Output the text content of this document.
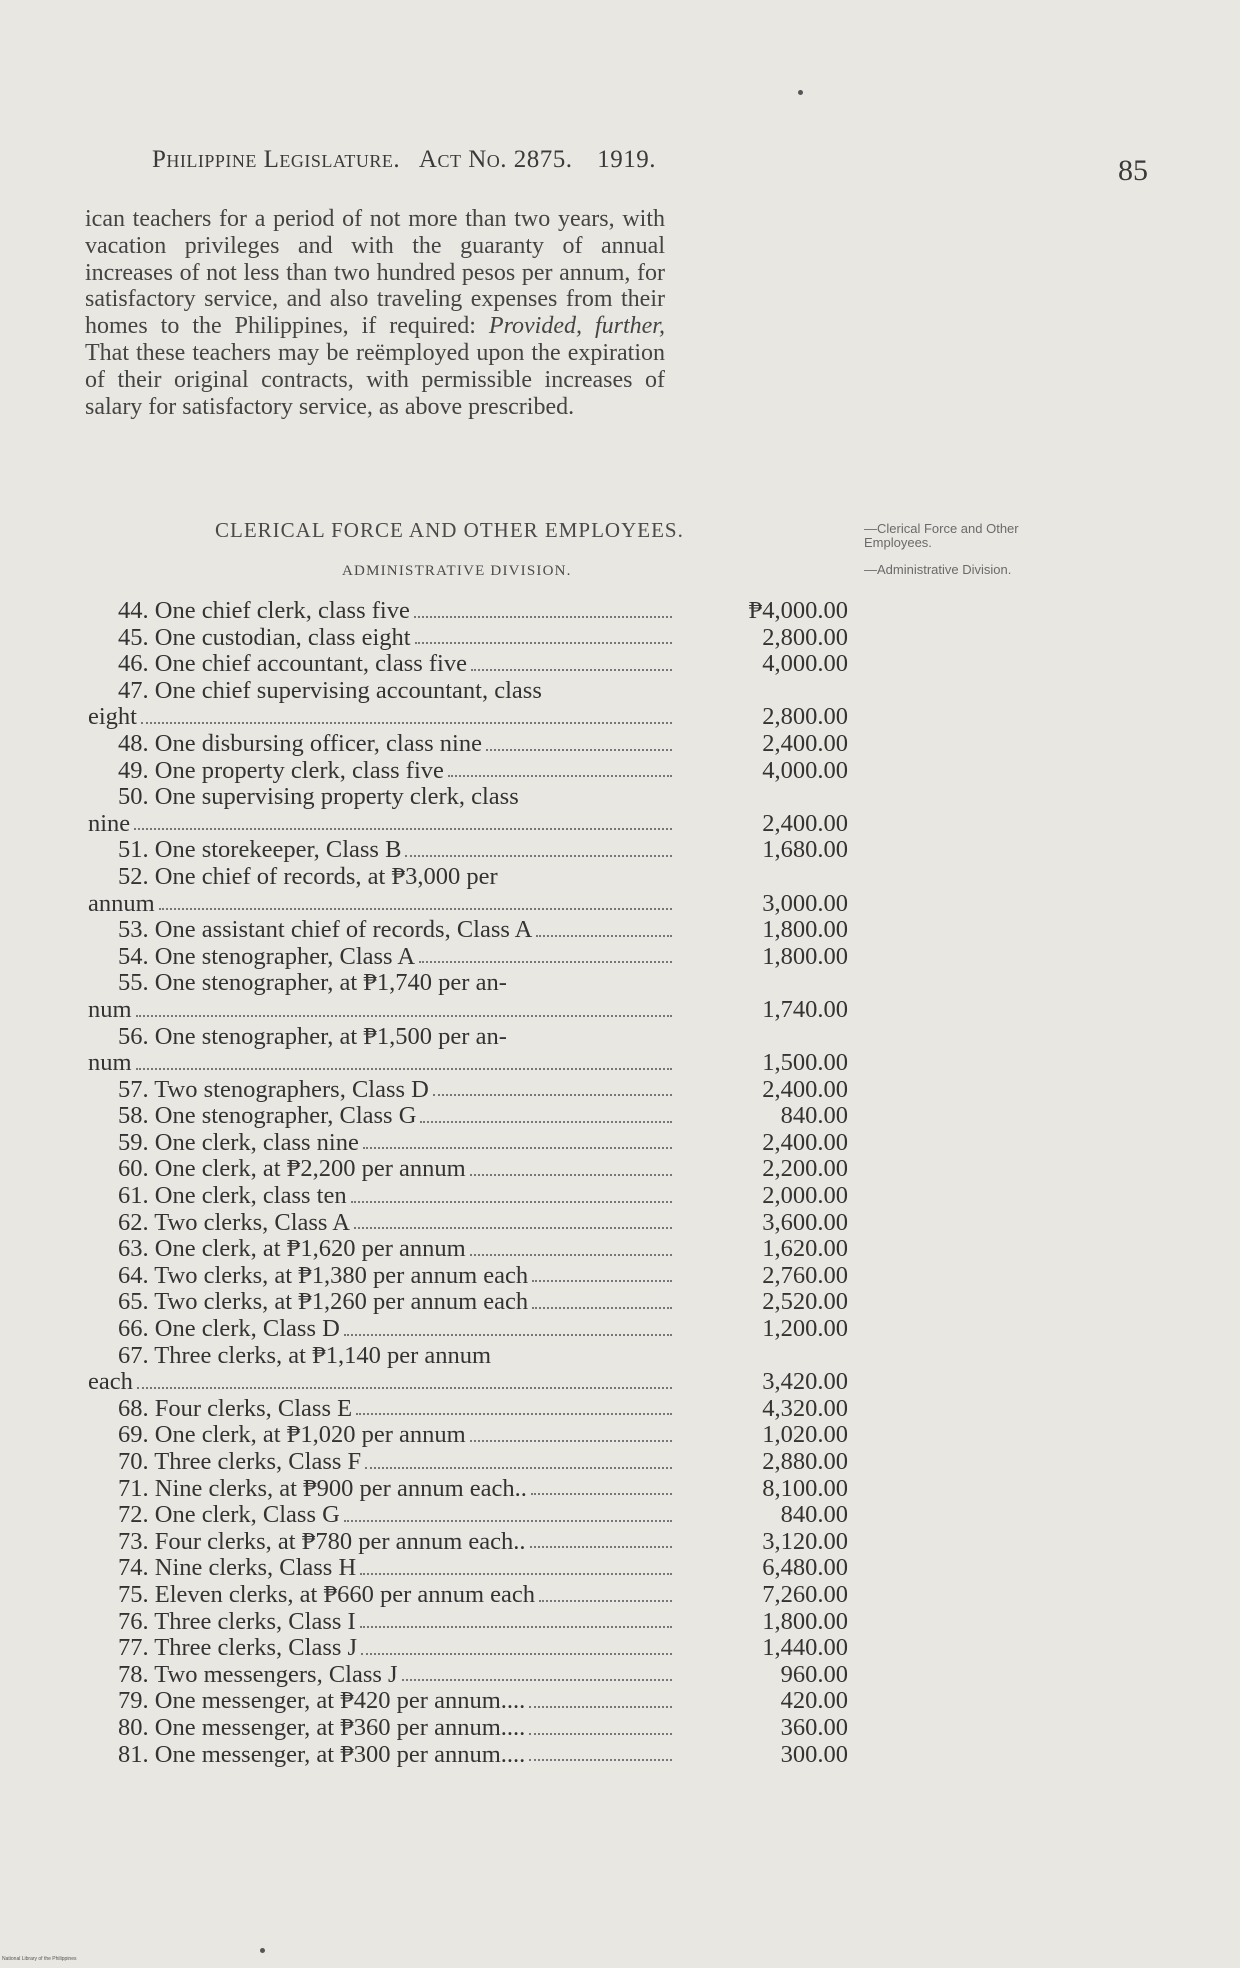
Philippine Legislature. Act No. 2875. 1919.	85
ican teachers for a period of not more than two years, with vacation privileges and with the guaranty of annual increases of not less than two hundred pesos per annum, for satisfactory service, and also traveling expenses from their homes to the Philippines, if required: Provided, further, That these teachers may be reëmployed upon the expiration of their original contracts, with permissible increases of salary for satisfactory service, as above prescribed.
CLERICAL FORCE AND OTHER EMPLOYEES.
ADMINISTRATIVE DIVISION.
—Clerical Force and Other Employees.
—Administrative Division.
44. One chief clerk, class five	₱4,000.00
45. One custodian, class eight	2,800.00
46. One chief accountant, class five	4,000.00
47. One chief supervising accountant, class
eight	2,800.00
48. One disbursing officer, class nine	2,400.00
49. One property clerk, class five	4,000.00
50. One supervising property clerk, class
nine	2,400.00
51. One storekeeper, Class B	1,680.00
52. One chief of records, at ₱3,000 per
annum	3,000.00
53. One assistant chief of records, Class A	1,800.00
54. One stenographer, Class A	1,800.00
55. One stenographer, at ₱1,740 per an-
num	1,740.00
56. One stenographer, at ₱1,500 per an-
num	1,500.00
57. Two stenographers, Class D	2,400.00
58. One stenographer, Class G	840.00
59. One clerk, class nine	2,400.00
60. One clerk, at ₱2,200 per annum	2,200.00
61. One clerk, class ten	2,000.00
62. Two clerks, Class A	3,600.00
63. One clerk, at ₱1,620 per annum	1,620.00
64. Two clerks, at ₱1,380 per annum each	2,760.00
65. Two clerks, at ₱1,260 per annum each	2,520.00
66. One clerk, Class D	1,200.00
67. Three clerks, at ₱1,140 per annum
each	3,420.00
68. Four clerks, Class E	4,320.00
69. One clerk, at ₱1,020 per annum	1,020.00
70. Three clerks, Class F	2,880.00
71. Nine clerks, at ₱900 per annum each..	8,100.00
72. One clerk, Class G	840.00
73. Four clerks, at ₱780 per annum each..	3,120.00
74. Nine clerks, Class H	6,480.00
75. Eleven clerks, at ₱660 per annum each	7,260.00
76. Three clerks, Class I	1,800.00
77. Three clerks, Class J	1,440.00
78. Two messengers, Class J	960.00
79. One messenger, at ₱420 per annum....	420.00
80. One messenger, at ₱360 per annum....	360.00
81. One messenger, at ₱300 per annum....	300.00
National Library of the Philippines
